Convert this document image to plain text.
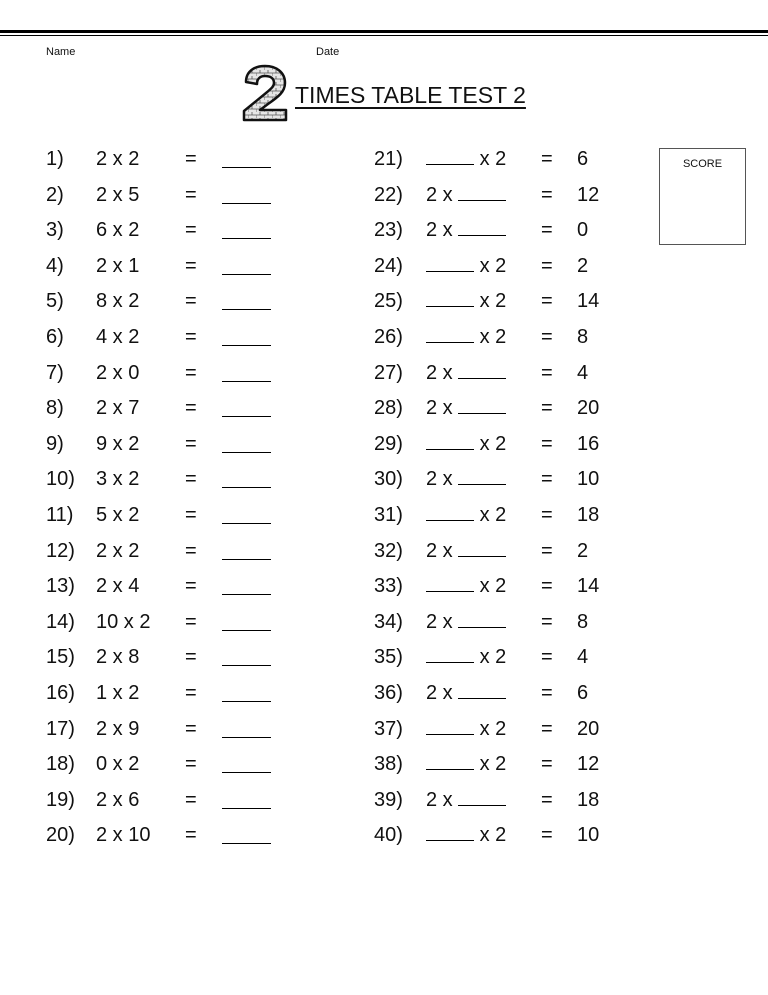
Name	Date
TIMES TABLE TEST 2
SCORE
1) 2 x 2 =
2) 2 x 5 =
3) 6 x 2 =
4) 2 x 1 =
5) 8 x 2 =
6) 4 x 2 =
7) 2 x 0 =
8) 2 x 7 =
9) 9 x 2 =
10) 3 x 2 =
11) 5 x 2 =
12) 2 x 2 =
13) 2 x 4 =
14) 10 x 2 =
15) 2 x 8 =
16) 1 x 2 =
17) 2 x 9 =
18) 0 x 2 =
19) 2 x 6 =
20) 2 x 10 =
21)	x 2	= 6
22) 2 x	= 12
23) 2 x	= 0
24)	x 2	= 2
25)	x 2	= 14
26)	x 2	= 8
27) 2 x	= 4
28) 2 x	= 20
29)	x 2	= 16
30) 2 x	= 10
31)	x 2	= 18
32) 2 x	= 2
33)	x 2	= 14
34) 2 x	= 8
35)	x 2	= 4
36) 2 x	= 6
37)	x 2	= 20
38)	x 2	= 12
39) 2 x	= 18
40)	x 2	= 10
